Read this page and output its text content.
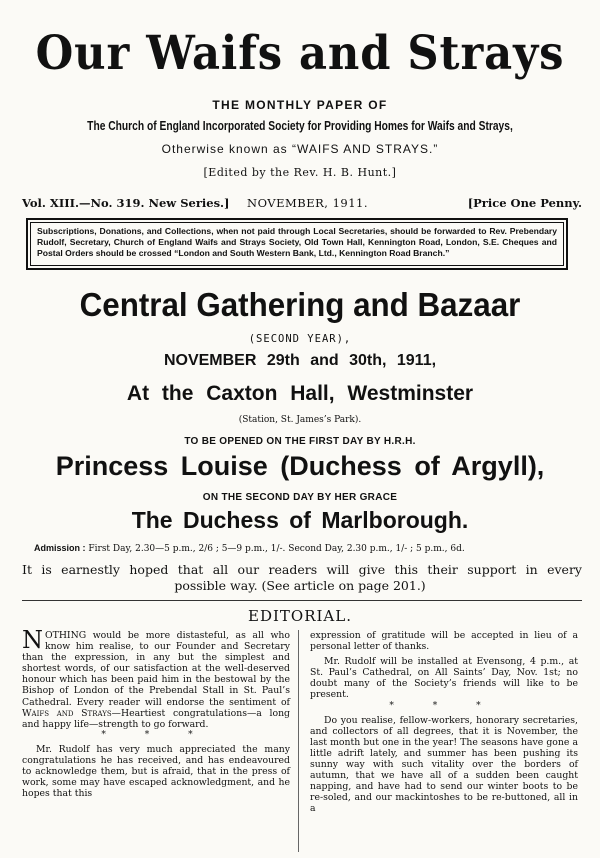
Our Waifs and Strays
THE MONTHLY PAPER OF
The Church of England Incorporated Society for Providing Homes for Waifs and Strays,
Otherwise known as “WAIFS AND STRAYS.”
[Edited by the Rev. H. B. Hunt.]
Vol. XIII.—No. 319. New Series.] NOVEMBER, 1911.	[Price One Penny.
Subscriptions, Donations, and Collections, when not paid through Local Secretaries, should be forwarded to Rev. Prebendary Rudolf, Secretary, Church of England Waifs and Strays Society, Old Town Hall, Kennington Road, London, S.E. Cheques and Postal Orders should be crossed “London and South Western Bank, Ltd., Kennington Road Branch.”
Central Gathering and Bazaar
(SECOND YEAR),
NOVEMBER 29th and 30th, 1911,
At the Caxton Hall, Westminster
(Station, St. James’s Park).
TO BE OPENED ON THE FIRST DAY BY H.R.H.
Princess Louise (Duchess of Argyll),
ON THE SECOND DAY BY HER GRACE
The Duchess of Marlborough.
Admission : First Day, 2.30—5 p.m., 2/6 ; 5—9 p.m., 1/-. Second Day, 2.30 p.m., 1/- ; 5 p.m., 6d.
It is earnestly hoped that all our readers will give this their support in every
possible way. (See article on page 201.)
EDITORIAL.

NOTHING would be more distasteful, as all who know him realise, to our Founder and Secretary than the expression, in any but the simplest and shortest words, of our satisfaction at the well-deserved honour which has been paid him in the bestowal by the Bishop of London of the Prebendal Stall in St. Paul’s Cathedral. Every reader will endorse the sentiment of Waifs and Strays—Heartiest congratulations—a long and happy life—strength to go forward.

* * *

Mr. Rudolf has very much appreciated the many congratulations he has received, and has endeavoured to acknowledge them, but is afraid, that in the press of work, some may have escaped acknowledgment, and he hopes that this

expression of gratitude will be accepted in lieu of a personal letter of thanks.

Mr. Rudolf will be installed at Evensong, 4 p.m., at St. Paul’s Cathedral, on All Saints’ Day, Nov. 1st; no doubt many of the Society’s friends will like to be present.

* * *

Do you realise, fellow-workers, honorary secretaries, and collectors of all degrees, that it is November, the last month but one in the year! The seasons have gone a little adrift lately, and summer has been pushing its sunny way with such vitality over the borders of autumn, that we have all of a sudden been caught napping, and have had to send our winter boots to be re-soled, and our mackintoshes to be re-buttoned, all in a
